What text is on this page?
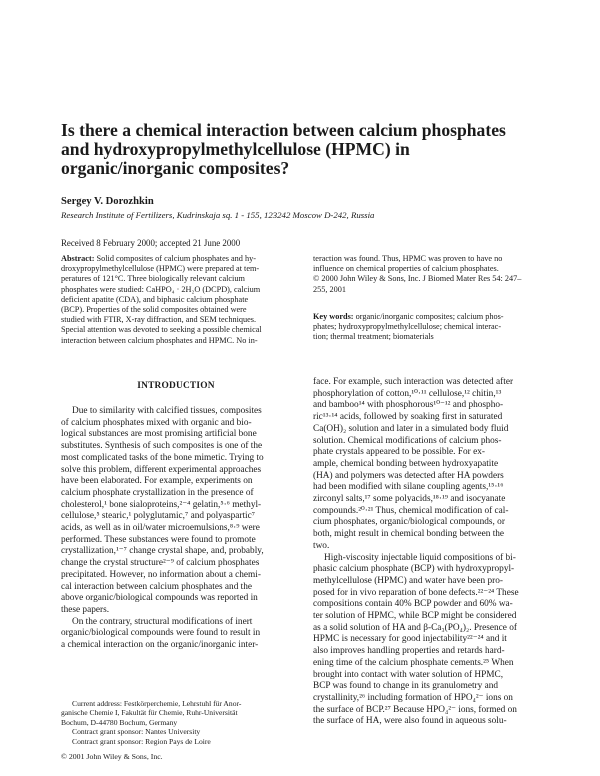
Is there a chemical interaction between calcium phosphates
and hydroxypropylmethylcellulose (HPMC) in
organic/inorganic composites?
Sergey V. Dorozhkin
Research Institute of Fertilizers, Kudrinskaja sq. 1 - 155, 123242 Moscow D-242, Russia
Received 8 February 2000; accepted 21 June 2000
Abstract: Solid composites of calcium phosphates and hy-
droxypropylmethylcellulose (HPMC) were prepared at tem-
peratures of 121°C. Three biologically relevant calcium
phosphates were studied: CaHPO₄ · 2H₂O (DCPD), calcium
deficient apatite (CDA), and biphasic calcium phosphate
(BCP). Properties of the solid composites obtained were
studied with FTIR, X-ray diffraction, and SEM techniques.
Special attention was devoted to seeking a possible chemical
interaction between calcium phosphates and HPMC. No in-
teraction was found. Thus, HPMC was proven to have no
influence on chemical properties of calcium phosphates.
© 2000 John Wiley & Sons, Inc. J Biomed Mater Res 54: 247–
255, 2001
Key words: organic/inorganic composites; calcium phos-
phates; hydroxypropylmethylcellulose; chemical interac-
tion; thermal treatment; biomaterials
INTRODUCTION
Due to similarity with calcified tissues, composites
of calcium phosphates mixed with organic and bio-
logical substances are most promising artificial bone
substitutes. Synthesis of such composites is one of the
most complicated tasks of the bone mimetic. Trying to
solve this problem, different experimental approaches
have been elaborated. For example, experiments on
calcium phosphate crystallization in the presence of
cholesterol,¹ bone sialoproteins,²⁻⁴ gelatin,⁵·⁶ methyl-
cellulose,⁵ stearic,¹ polyglutamic,⁷ and polyaspartic⁷
acids, as well as in oil/water microemulsions,⁸·⁹ were
performed. These substances were found to promote
crystallization,¹⁻⁷ change crystal shape, and, probably,
change the crystal structure²⁻⁹ of calcium phosphates
precipitated. However, no information about a chemi-
cal interaction between calcium phosphates and the
above organic/biological compounds was reported in
these papers.
On the contrary, structural modifications of inert
organic/biological compounds were found to result in
a chemical interaction on the organic/inorganic inter-
face. For example, such interaction was detected after
phosphorylation of cotton,¹⁰·¹¹ cellulose,¹² chitin,¹³
and bamboo¹⁴ with phosphorous¹⁰⁻¹² and phospho-
ric¹³·¹⁴ acids, followed by soaking first in saturated
Ca(OH)₂ solution and later in a simulated body fluid
solution. Chemical modifications of calcium phos-
phate crystals appeared to be possible. For ex-
ample, chemical bonding between hydroxyapatite
(HA) and polymers was detected after HA powders
had been modified with silane coupling agents,¹⁵·¹⁶
zirconyl salts,¹⁷ some polyacids,¹⁸·¹⁹ and isocyanate
compounds.²⁰·²¹ Thus, chemical modification of cal-
cium phosphates, organic/biological compounds, or
both, might result in chemical bonding between the
two.
High-viscosity injectable liquid compositions of bi-
phasic calcium phosphate (BCP) with hydroxypropyl-
methylcellulose (HPMC) and water have been pro-
posed for in vivo reparation of bone defects.²²⁻²⁴ These
compositions contain 40% BCP powder and 60% wa-
ter solution of HPMC, while BCP might be considered
as a solid solution of HA and β-Ca₃(PO₄)₂. Presence of
HPMC is necessary for good injectability²²⁻²⁴ and it
also improves handling properties and retards hard-
ening time of the calcium phosphate cements.²⁵ When
brought into contact with water solution of HPMC,
BCP was found to change in its granulometry and
crystallinity,²⁶ including formation of HPO₄²⁻ ions on
the surface of BCP.²⁷ Because HPO₄²⁻ ions, formed on
the surface of HA, were also found in aqueous solu-
Current address: Festkörperchemie, Lehrstuhl für Anor-
ganische Chemie I, Fakultät für Chemie, Ruhr-Universität
Bochum, D-44780 Bochum, Germany
Contract grant sponsor: Nantes University
Contract grant sponsor: Region Pays de Loire
© 2001 John Wiley & Sons, Inc.
